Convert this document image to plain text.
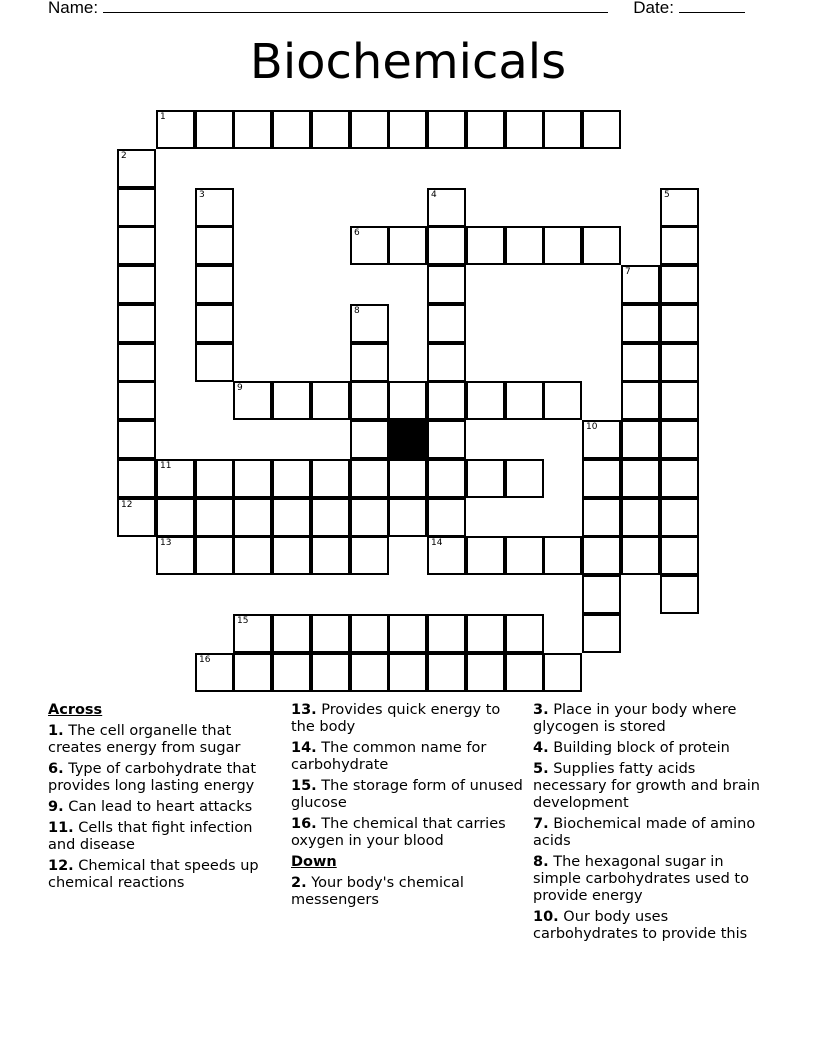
Name:	Date:
Biochemicals
1
2
3	4
14
5
6
7
8
9
10
11
12
13
15
16
Across
1. The cell organelle that creates energy from sugar
6. Type of carbohydrate that provides long lasting energy
9. Can lead to heart attacks
11. Cells that fight infection and disease
12. Chemical that speeds up chemical reactions
13. Provides quick energy to the body
14. The common name for carbohydrate
15. The storage form of unused glucose
16. The chemical that carries oxygen in your blood
Down
2. Your body's chemical messengers
3. Place in your body where glycogen is stored
4. Building block of protein
5. Supplies fatty acids necessary for growth and brain development
7. Biochemical made of amino acids
8. The hexagonal sugar in simple carbohydrates used to provide energy
10. Our body uses carbohydrates to provide this
